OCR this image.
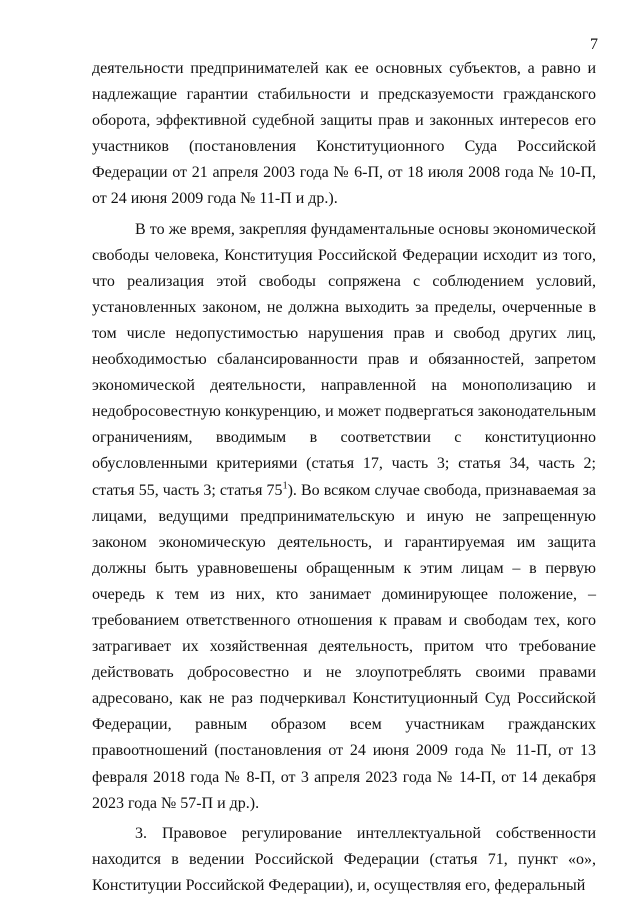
7

деятельности предпринимателей как ее основных субъектов, а равно и надлежащие гарантии стабильности и предсказуемости гражданского оборота, эффективной судебной защиты прав и законных интересов его участников (постановления Конституционного Суда Российской Федерации от 21 апреля 2003 года № 6-П, от 18 июля 2008 года № 10-П, от 24 июня 2009 года № 11-П и др.).

В то же время, закрепляя фундаментальные основы экономической свободы человека, Конституция Российской Федерации исходит из того, что реализация этой свободы сопряжена с соблюдением условий, установленных законом, не должна выходить за пределы, очерченные в том числе недопустимостью нарушения прав и свобод других лиц, необходимостью сбалансированности прав и обязанностей, запретом экономической деятельности, направленной на монополизацию и недобросовестную конкуренцию, и может подвергаться законодательным ограничениям, вводимым в соответствии с конституционно обусловленными критериями (статья 17, часть 3; статья 34, часть 2; статья 55, часть 3; статья 75$^1$). Во всяком случае свобода, признаваемая за лицами, ведущими предпринимательскую и иную не запрещенную законом экономическую деятельность, и гарантируемая им защита должны быть уравновешены обращенным к этим лицам – в первую очередь к тем из них, кто занимает доминирующее положение, – требованием ответственного отношения к правам и свободам тех, кого затрагивает их хозяйственная деятельность, притом что требование действовать добросовестно и не злоупотреблять своими правами адресовано, как не раз подчеркивал Конституционный Суд Российской Федерации, равным образом всем участникам гражданских правоотношений (постановления от 24 июня 2009 года № 11-П, от 13 февраля 2018 года № 8-П, от 3 апреля 2023 года № 14-П, от 14 декабря 2023 года № 57-П и др.).

3. Правовое регулирование интеллектуальной собственности находится в ведении Российской Федерации (статья 71, пункт «о», Конституции Российской Федерации), и, осуществляя его, федеральный
